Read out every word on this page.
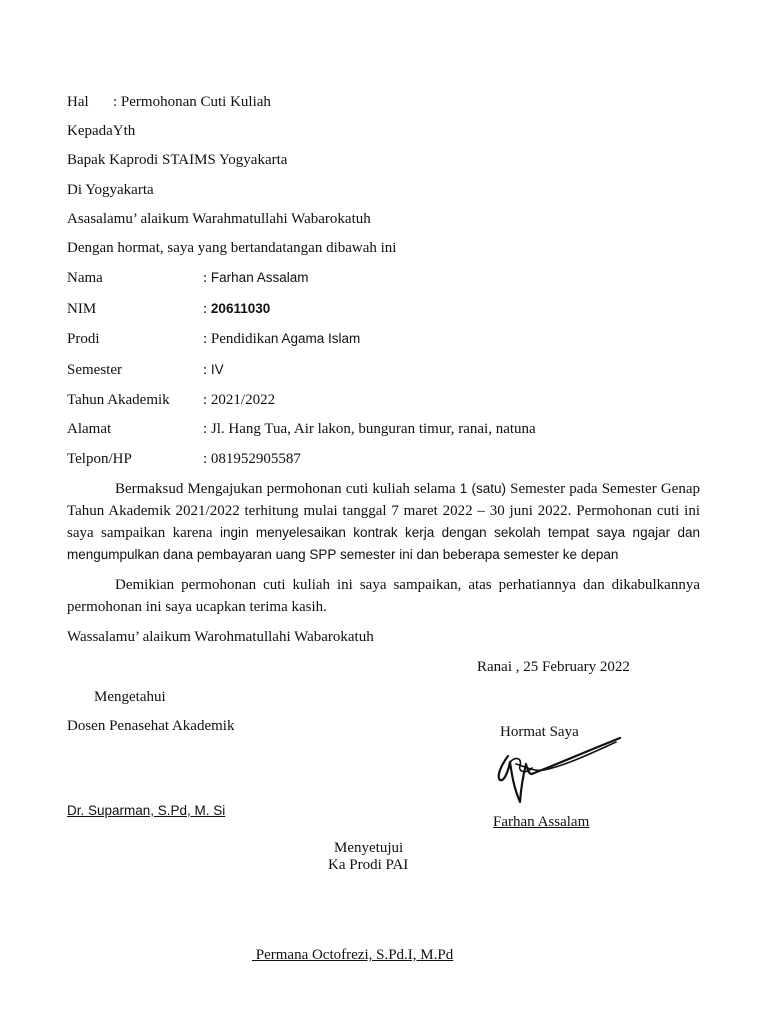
Hal : Permohonan Cuti Kuliah
KepadaYth
Bapak Kaprodi STAIMS Yogyakarta
Di Yogyakarta
Asasalamu’ alaikum Warahmatullahi Wabarokatuh
Dengan hormat, saya yang bertandatangan dibawah ini
Nama	: Farhan Assalam
NIM	: 20611030
Prodi	: Pendidikan Agama Islam
Semester	: IV
Tahun Akademik : 2021/2022
Alamat	: Jl. Hang Tua, Air lakon, bunguran timur, ranai, natuna
Telpon/HP	: 081952905587
Bermaksud Mengajukan permohonan cuti kuliah selama 1 (satu) Semester pada Semester Genap
Tahun Akademik 2021/2022 terhitung mulai tanggal 7 maret 2022 – 30 juni 2022. Permohonan cuti ini
saya sampaikan karena ingin menyelesaikan kontrak kerja dengan sekolah tempat saya ngajar dan
mengumpulkan dana pembayaran uang SPP semester ini dan beberapa semester ke depan
Demikian permohonan cuti kuliah ini saya sampaikan, atas perhatiannya dan dikabulkannya
permohonan ini saya ucapkan terima kasih.
Wassalamu’ alaikum Warohmatullahi Wabarokatuh
Ranai , 25 February 2022
Mengetahui
Dosen Penasehat Akademik	Hormat Saya
Dr. Suparman, S.Pd, M. Si
Farhan Assalam
Menyetujui
Ka Prodi PAI
Permana Octofrezi, S.Pd.I, M.Pd
